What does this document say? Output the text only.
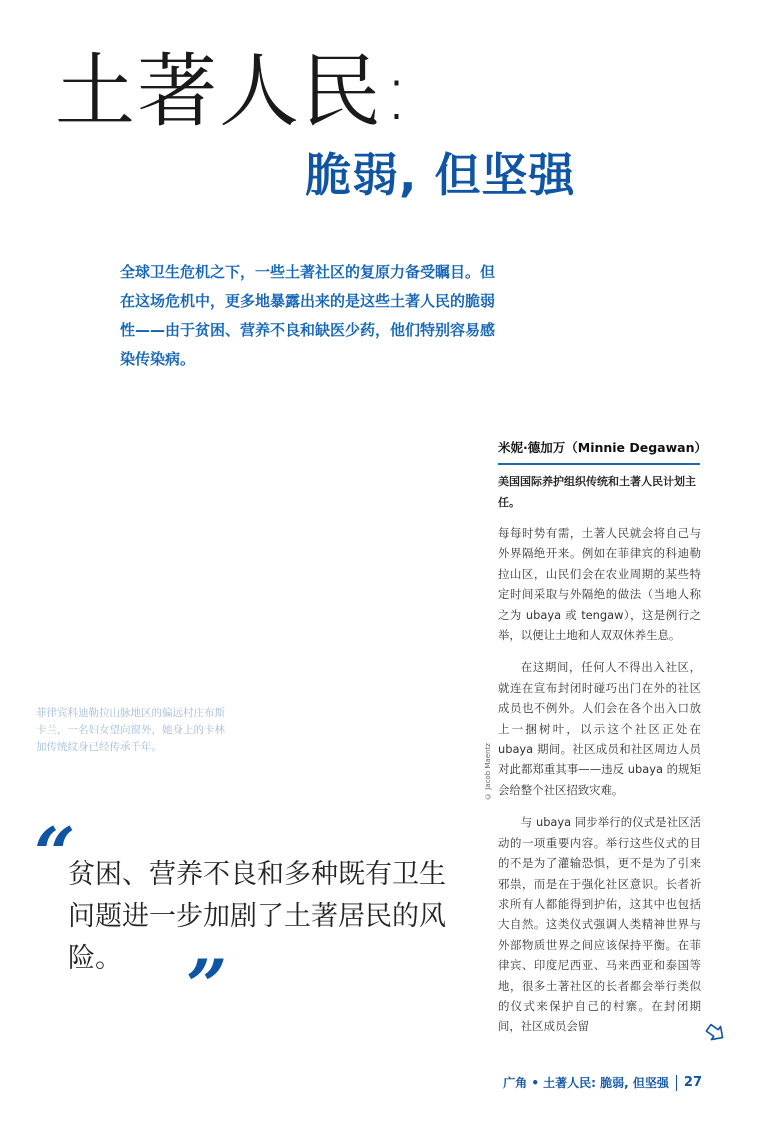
土著人民:
脆弱, 但坚强

全球卫生危机之下，一些土著社区的复原力备受瞩目。但在这场危机中，更多地暴露出来的是这些土著人民的脆弱性——由于贫困、营养不良和缺医少药，他们特别容易感染传染病。

米妮·德加万（Minnie Degawan）

美国国际养护组织传统和土著人民计划主任。

每每时势有需，土著人民就会将自己与外界隔绝开来。例如在菲律宾的科迪勒拉山区，山民们会在农业周期的某些特定时间采取与外隔绝的做法（当地人称之为 ubaya 或 tengaw），这是例行之举，以便让土地和人双双休养生息。

在这期间，任何人不得出入社区，就连在宣布封闭时碰巧出门在外的社区成员也不例外。人们会在各个出入口放上一捆树叶，以示这个社区正处在 ubaya 期间。社区成员和社区周边人员对此都郑重其事——违反 ubaya 的规矩会给整个社区招致灾难。

与 ubaya 同步举行的仪式是社区活动的一项重要内容。举行这些仪式的目的不是为了灌输恐惧，更不是为了引来邪祟，而是在于强化社区意识。长者祈求所有人都能得到护佑，这其中也包括大自然。这类仪式强调人类精神世界与外部物质世界之间应该保持平衡。在菲律宾、印度尼西亚、马来西亚和泰国等地，很多土著社区的长者都会举行类似的仪式来保护自己的村寨。在封闭期间，社区成员会留

菲律宾科迪勒拉山脉地区的偏远村庄布斯卡兰，一名妇女望向窗外，她身上的卡林加传统纹身已经传承千年。	© Jacob Maentz
“

贫困、营养不良和多种既有卫生问题进一步加剧了土著居民的风险。 ”
广角 • 土著人民: 脆弱, 但坚强 27
